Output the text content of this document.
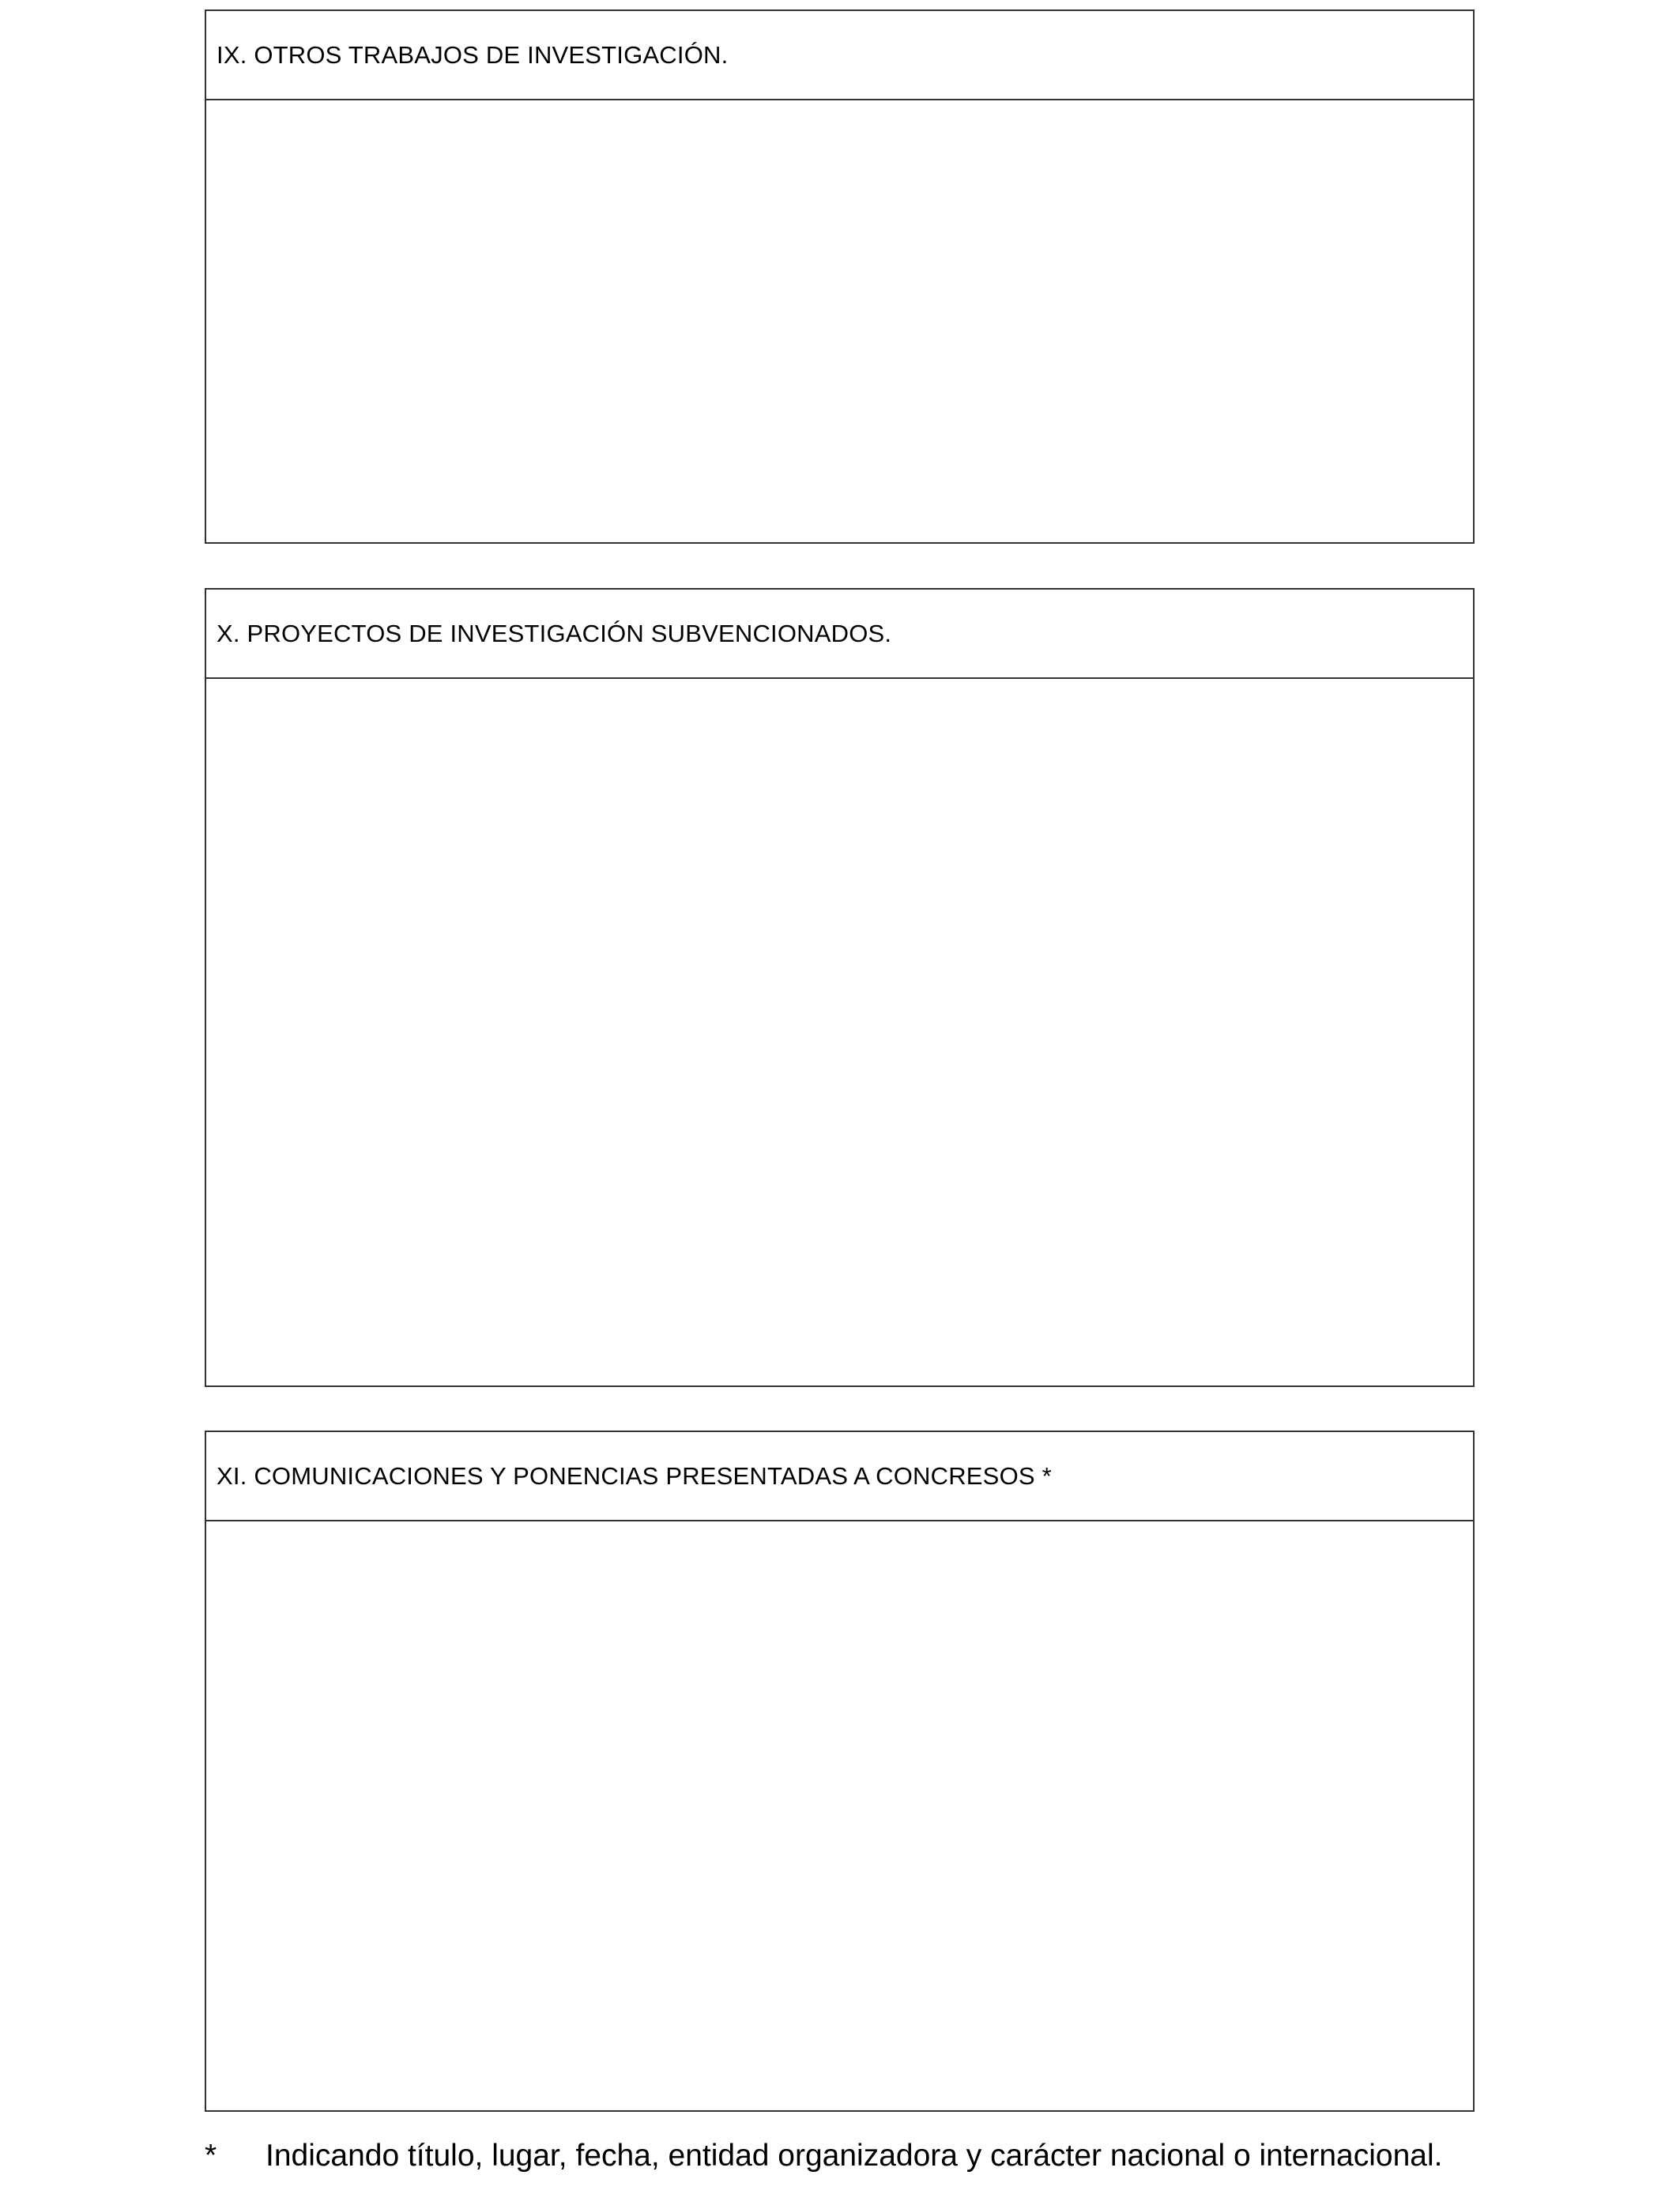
IX. OTROS TRABAJOS DE INVESTIGACIÓN.
X. PROYECTOS DE INVESTIGACIÓN SUBVENCIONADOS.
XI. COMUNICACIONES Y PONENCIAS PRESENTADAS A CONCRESOS *
*	Indicando título, lugar, fecha, entidad organizadora y carácter nacional o internacional.
